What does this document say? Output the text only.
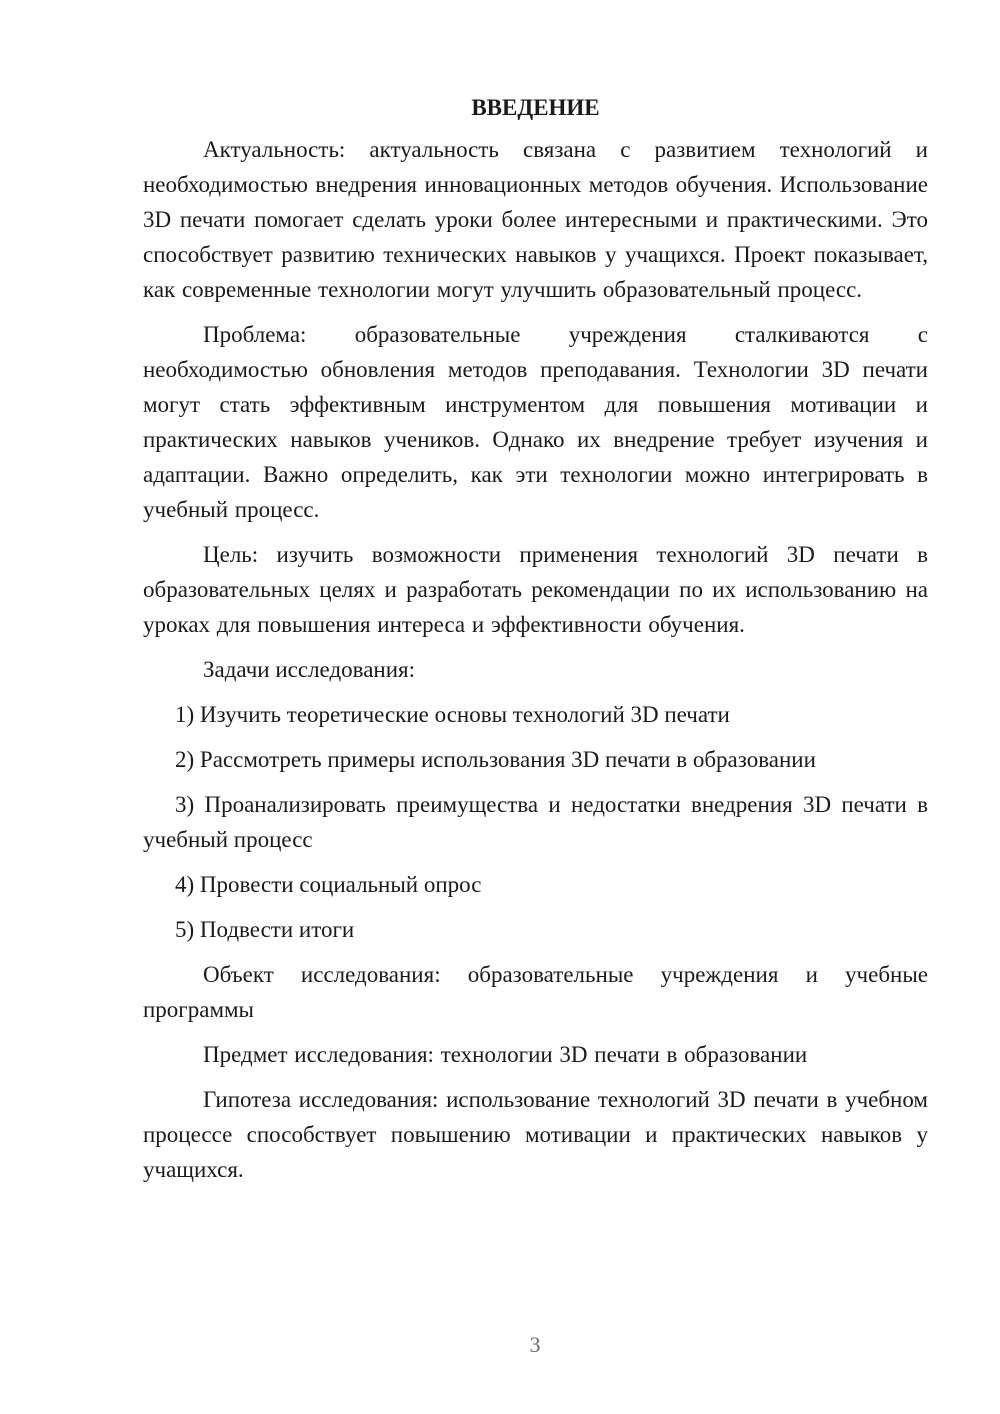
ВВЕДЕНИЕ

Актуальность: актуальность связана с развитием технологий и необходимостью внедрения инновационных методов обучения. Использование 3D печати помогает сделать уроки более интересными и практическими. Это способствует развитию технических навыков у учащихся. Проект показывает, как современные технологии могут улучшить образовательный процесс.

Проблема: образовательные учреждения сталкиваются с необходимостью обновления методов преподавания. Технологии 3D печати могут стать эффективным инструментом для повышения мотивации и практических навыков учеников. Однако их внедрение требует изучения и адаптации. Важно определить, как эти технологии можно интегрировать в учебный процесс.

Цель: изучить возможности применения технологий 3D печати в образовательных целях и разработать рекомендации по их использованию на уроках для повышения интереса и эффективности обучения.

Задачи исследования:

1) Изучить теоретические основы технологий 3D печати

2) Рассмотреть примеры использования 3D печати в образовании

3) Проанализировать преимущества и недостатки внедрения 3D печати в учебный процесс

4) Провести социальный опрос

5) Подвести итоги

Объект исследования: образовательные учреждения и учебные программы

Предмет исследования: технологии 3D печати в образовании

Гипотеза исследования: использование технологий 3D печати в учебном процессе способствует повышению мотивации и практических навыков у учащихся.

3
